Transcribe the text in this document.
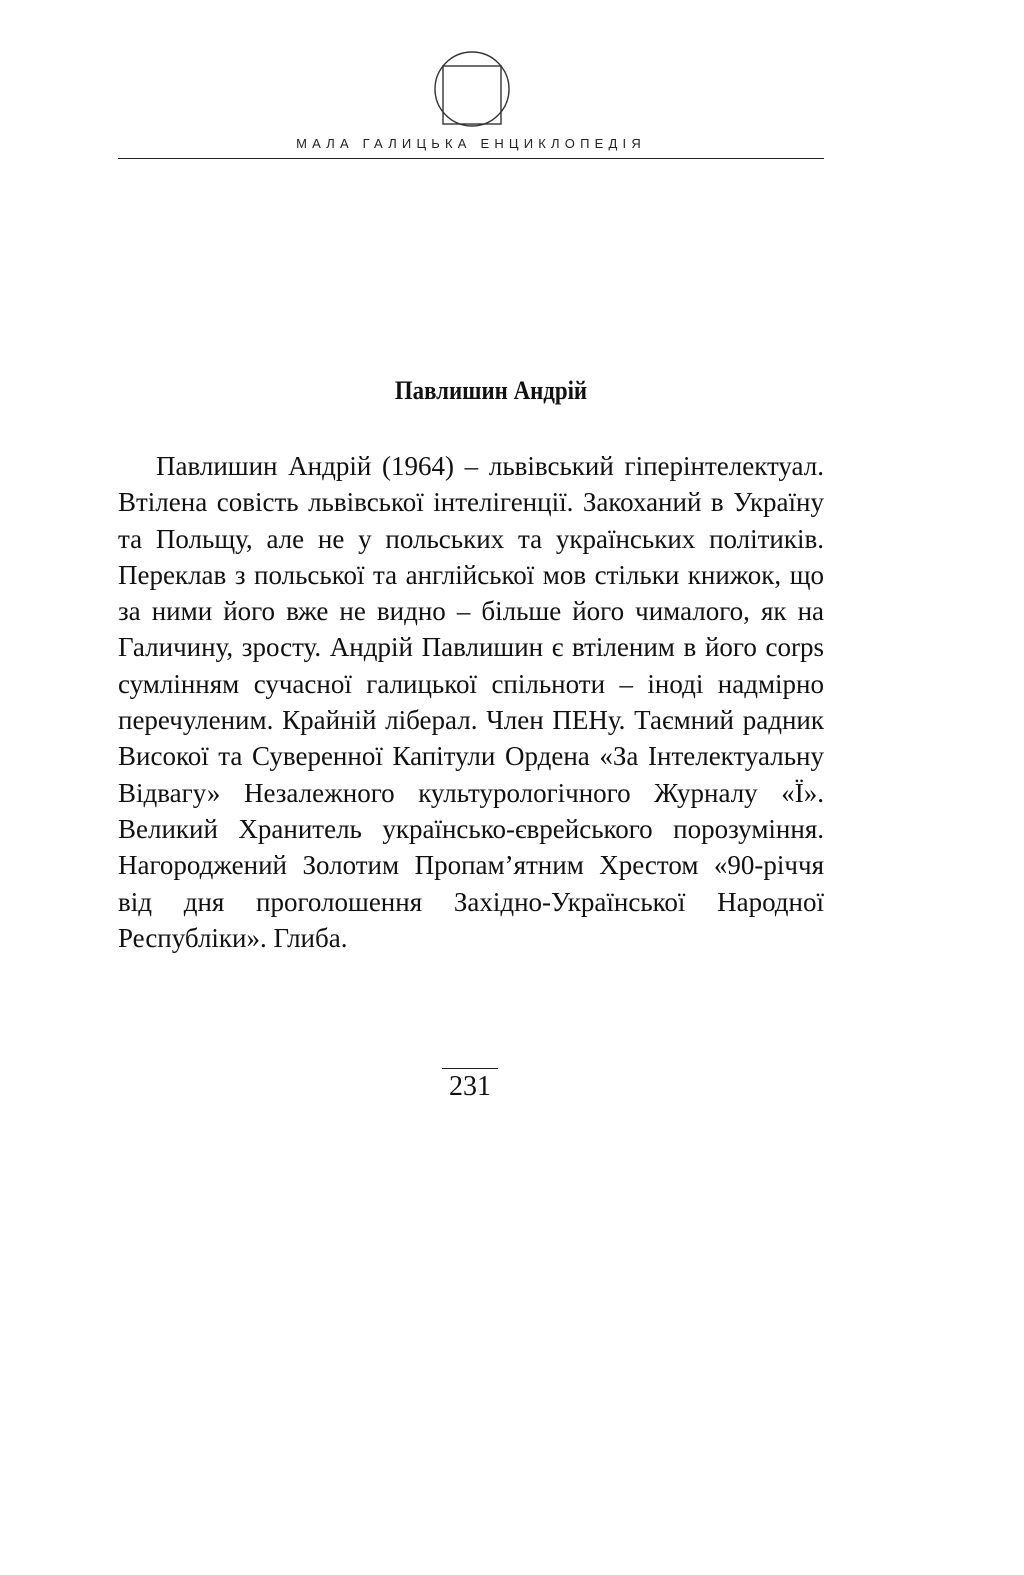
МАЛА ГАЛИЦЬКА ЕНЦИКЛОПЕДІЯ
Павлишин Андрій

Павлишин Андрій (1964) – львівський гіперінтелектуал. Втілена совість львівської інтелігенції. Закоханий в Україну та Польщу, але не у польських та українських політиків. Переклав з польської та англійської мов стільки книжок, що за ними його вже не видно – більше його чималого, як на Галичину, зросту. Андрій Павлишин є втіленим в його corps сумлінням сучасної галицької спільноти – іноді надмірно перечуленим. Крайній ліберал. Член ПЕНу. Таємний радник Високої та Суверенної Капітули Ордена «За Інтелектуальну Відвагу» Незалежного культурологічного Журналу «Ї». Великий Хранитель українсько-єврейського порозуміння. Нагороджений Золотим Пропам’ятним Хрестом «90-річчя від дня проголошення Західно-Української Народної Республіки». Глиба.

231
